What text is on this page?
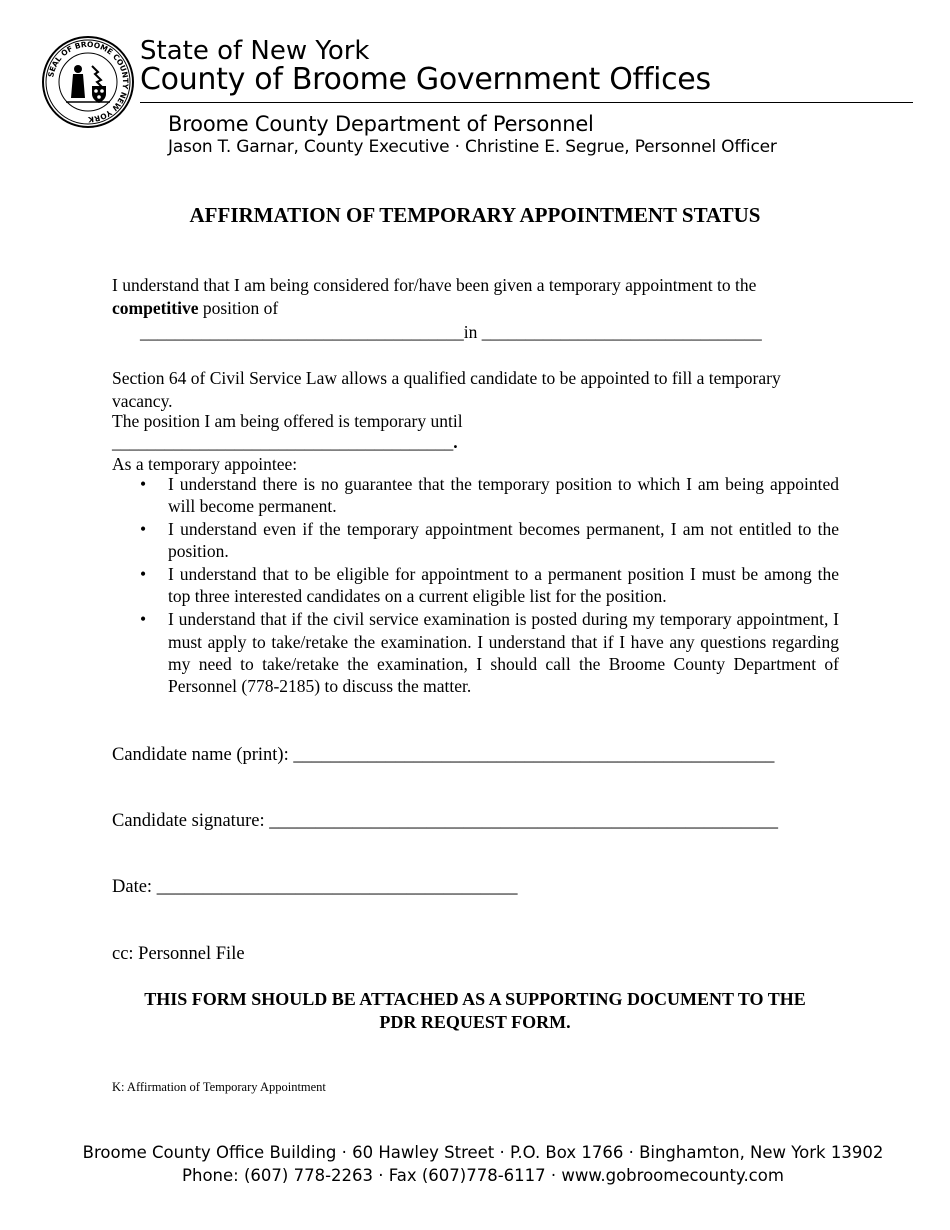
SEAL OF BROOME COUNTY NEW YORK
State of New York
County of Broome Government Offices
Broome County Department of Personnel
Jason T. Garnar, County Executive · Christine E. Segrue, Personnel Officer
AFFIRMATION OF TEMPORARY APPOINTMENT STATUS
I understand that I am being considered for/have been given a temporary appointment to the
competitive position of
_____________________________________in ________________________________
Section 64 of Civil Service Law allows a qualified candidate to be appointed to fill a temporary vacancy.
The position I am being offered is temporary until
_______________________________________.
As a temporary appointee:
• I understand there is no guarantee that the temporary position to which I am being appointed will become permanent.
• I understand even if the temporary appointment becomes permanent, I am not entitled to the position.
• I understand that to be eligible for appointment to a permanent position I must be among the top three interested candidates on a current eligible list for the position.
• I understand that if the civil service examination is posted during my temporary appointment, I must apply to take/retake the examination. I understand that if I have any questions regarding my need to take/retake the examination, I should call the Broome County Department of Personnel (778-2185) to discuss the matter.
Candidate name (print): ____________________________________________________
Candidate signature: _______________________________________________________
Date: _______________________________________
cc: Personnel File
THIS FORM SHOULD BE ATTACHED AS A SUPPORTING DOCUMENT TO THE
PDR REQUEST FORM.
K: Affirmation of Temporary Appointment
Broome County Office Building · 60 Hawley Street · P.O. Box 1766 · Binghamton, New York 13902
Phone: (607) 778-2263 · Fax (607)778-6117 · www.gobroomecounty.com
